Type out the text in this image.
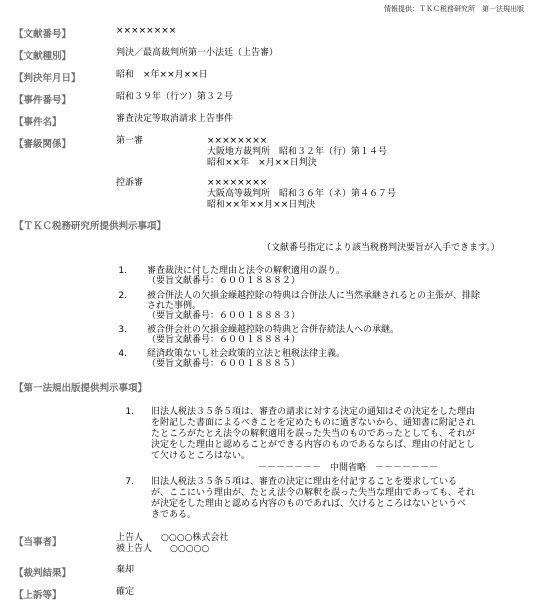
情報提供：ＴＫＣ税務研究所　第一法規出版
【文献番号】	××××××××
【文献種別】	判決／最高裁判所第一小法廷（上告審）
【判決年月日】	昭和　×年××月××日
【事件番号】	昭和３９年（行ツ）第３２号
【事件名】	審査決定等取消請求上告事件
【審級関係】	第一審	××××××××
大阪地方裁判所　昭和３２年（行）第１４号
昭和××年　×月××日判決
控訴審	××××××××
大阪高等裁判所　昭和３６年（ネ）第４６７号
昭和××年××月××日判決
【ＴＫＣ税務研究所提供判示事項】
（文献番号指定により該当税務判決要旨が入手できます。）
1. 審査裁決に付した理由と法令の解釈適用の誤り。
（要旨文献番号：６００１８８８２）
2. 被合併法人の欠損金繰越控除の特典は合併法人に当然承継されるとの主張が、排除
された事例。
（要旨文献番号：６００１８８８３）
3. 被合併会社の欠損金繰越控除の特典と合併存続法人への承継。
（要旨文献番号：６００１８８８４）
4. 経済政策ないし社会政策的立法と租税法律主義。
（要旨文献番号：６００１８８８５）
【第一法規出版提供判示事項】
1. 旧法人税法３５条５項は、審査の請求に対する決定の通知はその決定をした理由
を附記した書面によるべきことを定めたものに過ぎないから、通知書に附記され
たところがたとえ法令の解釈適用を誤った失当のものであったとしても、それが
決定をした理由と認めることができる内容のものであるならば、理由の付記とし
て欠けるところはない。
－－－－－－－　中間省略　－－－－－－－
7. 旧法人税法３５条５項は、審査の決定に理由を付記することを要求している
が、ここにいう理由が、たとえ法令の解釈を誤った失当な理由であっても、それ
が決定をした理由と認める内容のものであれば、欠けるところはないというべ
きである。
【当事者】	上告人　　○○○○株式会社
被上告人　　○○○○○
【裁判結果】	棄却
【上訴等】	確定
